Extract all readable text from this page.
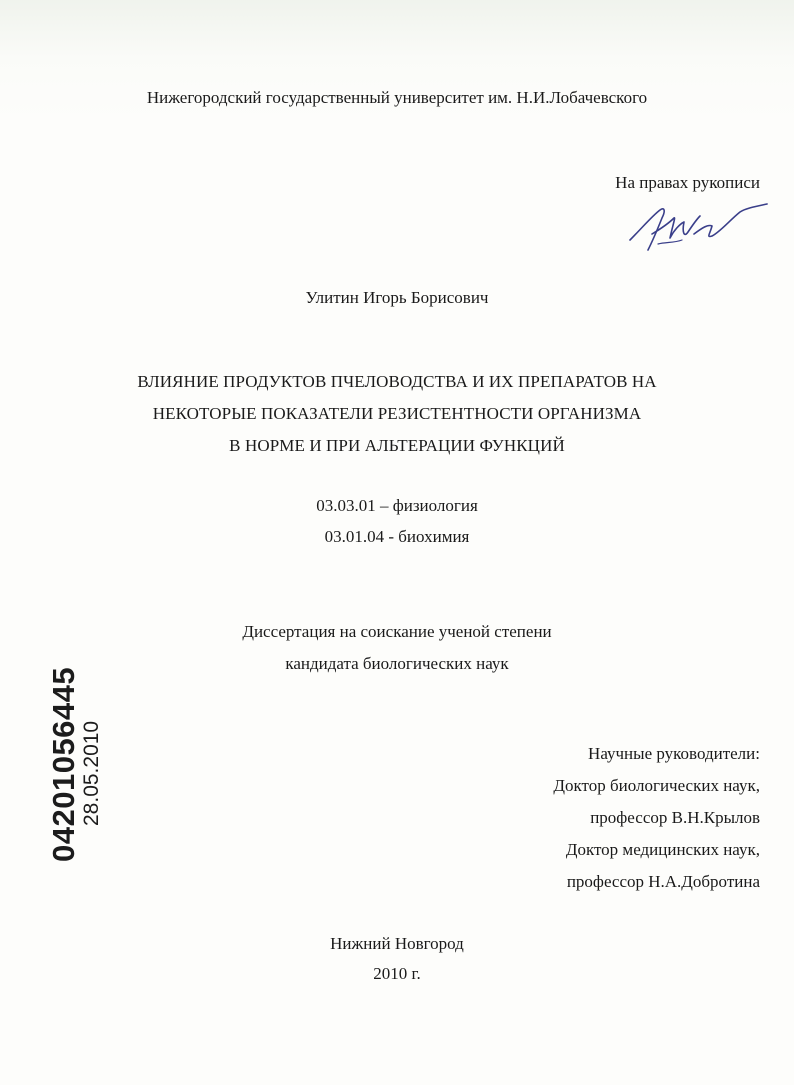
Нижегородский государственный университет им. Н.И.Лобачевского
На правах рукописи
Улитин Игорь Борисович
ВЛИЯНИЕ ПРОДУКТОВ ПЧЕЛОВОДСТВА И ИХ ПРЕПАРАТОВ НА
НЕКОТОРЫЕ ПОКАЗАТЕЛИ РЕЗИСТЕНТНОСТИ ОРГАНИЗМА
В НОРМЕ И ПРИ АЛЬТЕРАЦИИ ФУНКЦИЙ
03.03.01 – физиология
03.01.04 - биохимия
Диссертация на соискание ученой степени
кандидата биологических наук
Научные руководители:
Доктор биологических наук,
профессор В.Н.Крылов
Доктор медицинских наук,
профессор Н.А.Добротина
Нижний Новгород
2010 г.
04201056445 28.05.2010
